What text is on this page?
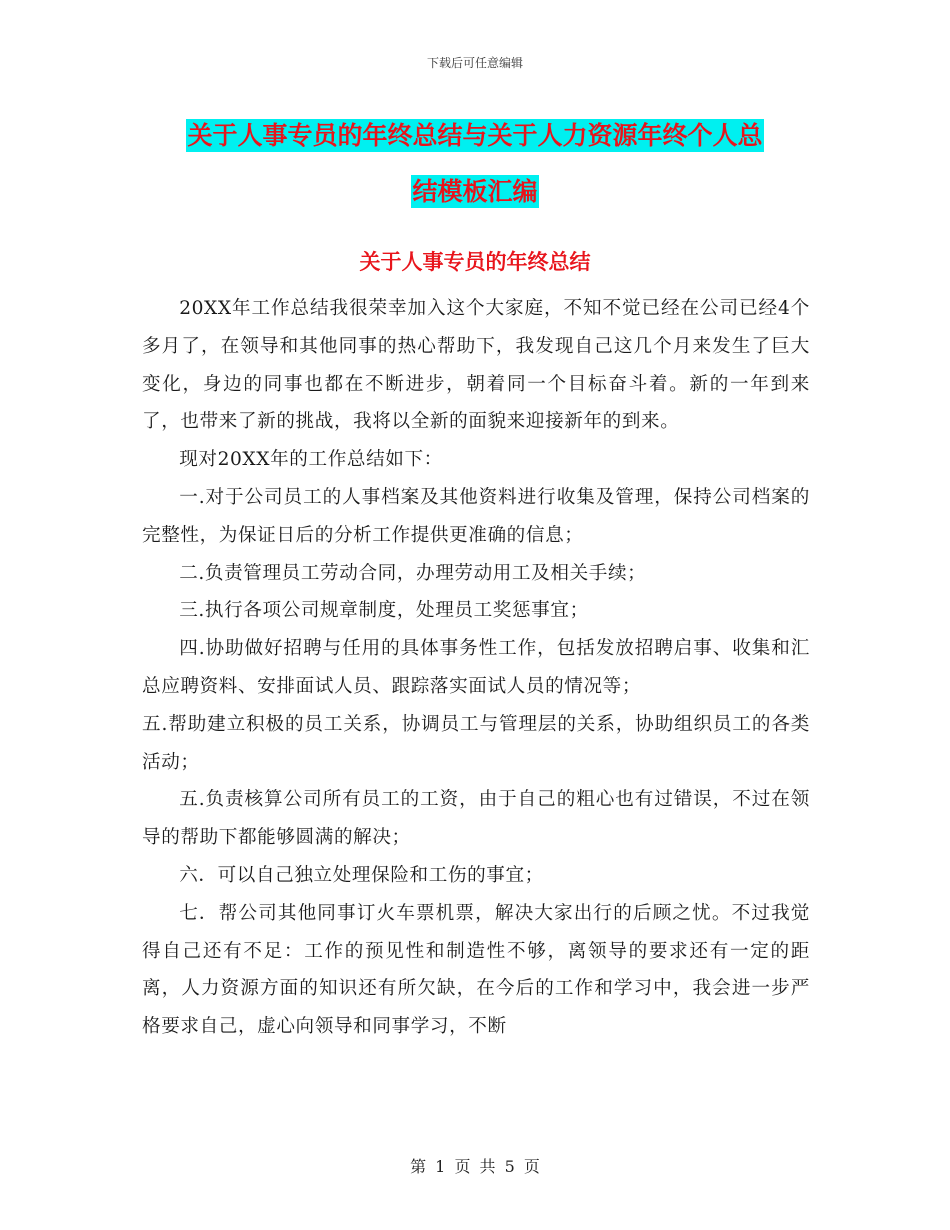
下载后可任意编辑
关于人事专员的年终总结与关于人力资源年终个人总
结模板汇编
关于人事专员的年终总结

20XX年工作总结我很荣幸加入这个大家庭，不知不觉已经在公司已经4个多月了，在领导和其他同事的热心帮助下，我发现自己这几个月来发生了巨大变化，身边的同事也都在不断进步，朝着同一个目标奋斗着。新的一年到来了，也带来了新的挑战，我将以全新的面貌来迎接新年的到来。

现对20XX年的工作总结如下：

一.对于公司员工的人事档案及其他资料进行收集及管理，保持公司档案的完整性，为保证日后的分析工作提供更准确的信息；

二.负责管理员工劳动合同，办理劳动用工及相关手续；

三.执行各项公司规章制度，处理员工奖惩事宜；

四.协助做好招聘与任用的具体事务性工作，包括发放招聘启事、收集和汇总应聘资料、安排面试人员、跟踪落实面试人员的情况等；

五.帮助建立积极的员工关系，协调员工与管理层的关系，协助组织员工的各类活动；

五.负责核算公司所有员工的工资，由于自己的粗心也有过错误，不过在领导的帮助下都能够圆满的解决；

六．可以自己独立处理保险和工伤的事宜；

七．帮公司其他同事订火车票机票，解决大家出行的后顾之忧。不过我觉得自己还有不足：工作的预见性和制造性不够，离领导的要求还有一定的距离，人力资源方面的知识还有所欠缺，在今后的工作和学习中，我会进一步严格要求自己，虚心向领导和同事学习，不断

第 1 页 共 5 页
